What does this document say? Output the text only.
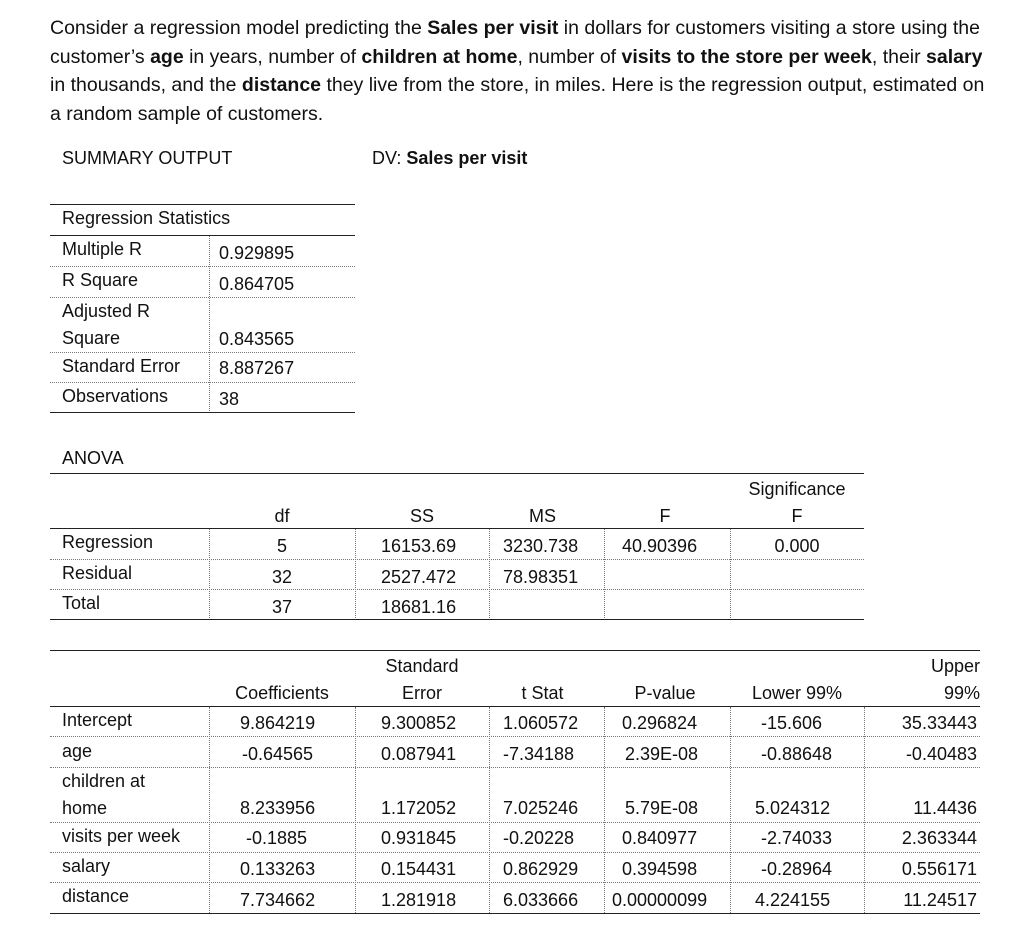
Consider a regression model predicting the Sales per visit in dollars for customers visiting a store using the customer’s age in years, number of children at home, number of visits to the store per week, their salary in thousands, and the distance they live from the store, in miles. Here is the regression output, estimated on a random sample of customers.
SUMMARY OUTPUT	DV: Sales per visit
Regression Statistics
Multiple R	0.929895
R Square	0.864705
Adjusted R
Square	0.843565
Standard Error 8.887267
Observations	38
ANOVA
df	SS	MS	F
Significance
F
Regression	5	16153.69	3230.738 40.90396	0.000
Residual	32	2527.472	78.98351
Total	37	18681.16
Coefficients
Standard
Error	t Stat	P-value	Lower 99%
Upper
99%
Intercept	9.864219	9.300852	1.060572 0.296824	-15.606	35.33443
age	-0.64565	0.087941	-7.34188	2.39E-08	-0.88648	-0.40483
children at
home	8.233956	1.172052	7.025246	5.79E-08	5.024312	11.4436
visits per week	-0.1885	0.931845	-0.20228	0.840977	-2.74033	2.363344
salary	0.133263	0.154431	0.862929 0.394598	-0.28964	0.556171
distance	7.734662	1.281918	6.033666 0.00000099	4.224155	11.24517
